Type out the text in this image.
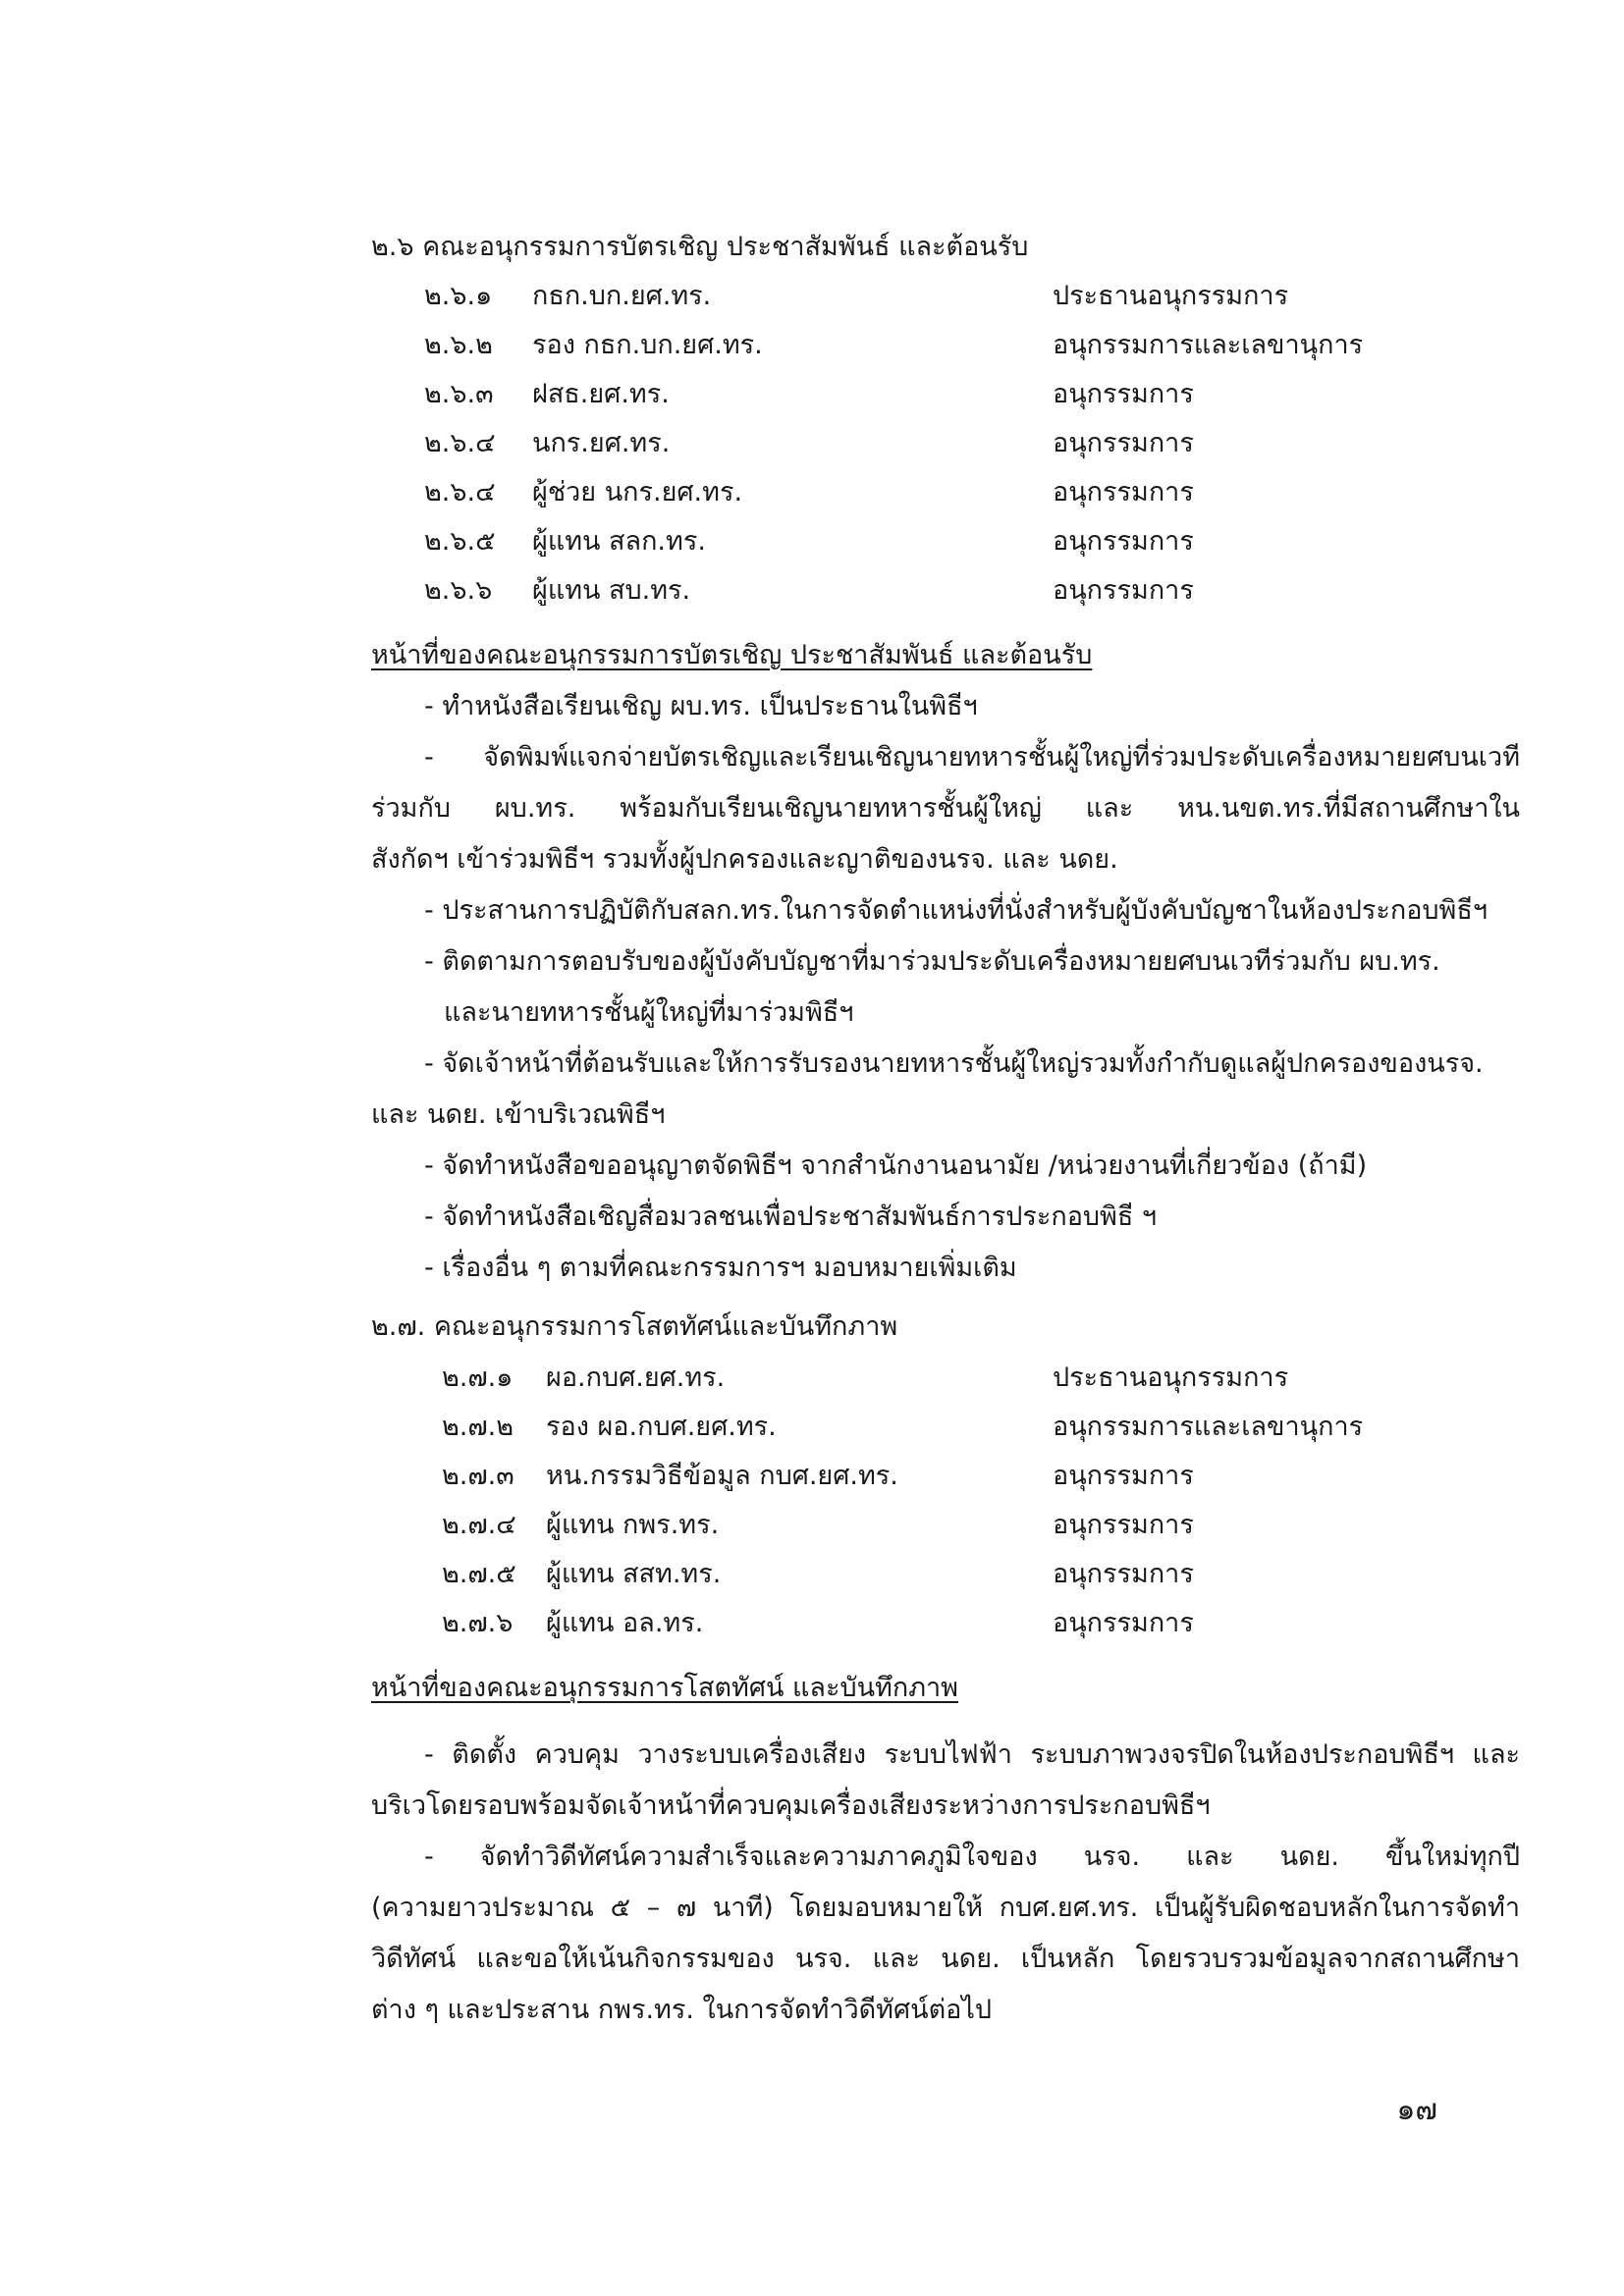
๒.๖ คณะอนุกรรมการบัตรเชิญ ประชาสัมพันธ์ และต้อนรับ
๒.๖.๑ กธก.บก.ยศ.ทร.	ประธานอนุกรรมการ
๒.๖.๒ รอง กธก.บก.ยศ.ทร.	อนุกรรมการและเลขานุการ
๒.๖.๓ ฝสธ.ยศ.ทร.	อนุกรรมการ
๒.๖.๔ นกร.ยศ.ทร.	อนุกรรมการ
๒.๖.๔ ผู้ช่วย นกร.ยศ.ทร.	อนุกรรมการ
๒.๖.๕ ผู้แทน สลก.ทร.	อนุกรรมการ
๒.๖.๖ ผู้แทน สบ.ทร.	อนุกรรมการ
หน้าที่ของคณะอนุกรรมการบัตรเชิญ ประชาสัมพันธ์ และต้อนรับ
- ทำหนังสือเรียนเชิญ ผบ.ทร. เป็นประธานในพิธีฯ
- จัดพิมพ์แจกจ่ายบัตรเชิญและเรียนเชิญนายทหารชั้นผู้ใหญ่ที่ร่วมประดับเครื่องหมายยศบนเวที
ร่วมกับ ผบ.ทร. พร้อมกับเรียนเชิญนายทหารชั้นผู้ใหญ่ และ หน.นขต.ทร.ที่มีสถานศึกษาใน
สังกัดฯ เข้าร่วมพิธีฯ รวมทั้งผู้ปกครองและญาติของนรจ. และ นดย.
- ประสานการปฏิบัติกับสลก.ทร.ในการจัดตำแหน่งที่นั่งสำหรับผู้บังคับบัญชาในห้องประกอบพิธีฯ
- ติดตามการตอบรับของผู้บังคับบัญชาที่มาร่วมประดับเครื่องหมายยศบนเวทีร่วมกับ ผบ.ทร.
และนายทหารชั้นผู้ใหญ่ที่มาร่วมพิธีฯ
- จัดเจ้าหน้าที่ต้อนรับและให้การรับรองนายทหารชั้นผู้ใหญ่รวมทั้งกำกับดูแลผู้ปกครองของนรจ.
และ นดย. เข้าบริเวณพิธีฯ
- จัดทำหนังสือขออนุญาตจัดพิธีฯ จากสำนักงานอนามัย /หน่วยงานที่เกี่ยวข้อง (ถ้ามี)
- จัดทำหนังสือเชิญสื่อมวลชนเพื่อประชาสัมพันธ์การประกอบพิธี ฯ
- เรื่องอื่น ๆ ตามที่คณะกรรมการฯ มอบหมายเพิ่มเติม
๒.๗. คณะอนุกรรมการโสตทัศน์และบันทึกภาพ
๒.๗.๑ ผอ.กบศ.ยศ.ทร.	ประธานอนุกรรมการ
๒.๗.๒ รอง ผอ.กบศ.ยศ.ทร.	อนุกรรมการและเลขานุการ
๒.๗.๓ หน.กรรมวิธีข้อมูล กบศ.ยศ.ทร.	อนุกรรมการ
๒.๗.๔ ผู้แทน กพร.ทร.	อนุกรรมการ
๒.๗.๕ ผู้แทน สสท.ทร.	อนุกรรมการ
๒.๗.๖ ผู้แทน อล.ทร.	อนุกรรมการ
หน้าที่ของคณะอนุกรรมการโสตทัศน์ และบันทึกภาพ
- ติดตั้ง ควบคุม วางระบบเครื่องเสียง ระบบไฟฟ้า ระบบภาพวงจรปิดในห้องประกอบพิธีฯ และ
บริเวโดยรอบพร้อมจัดเจ้าหน้าที่ควบคุมเครื่องเสียงระหว่างการประกอบพิธีฯ
- จัดทำวิดีทัศน์ความสำเร็จและความภาคภูมิใจของ นรจ. และ นดย. ขึ้นใหม่ทุกปี
(ความยาวประมาณ ๕ – ๗ นาที) โดยมอบหมายให้ กบศ.ยศ.ทร. เป็นผู้รับผิดชอบหลักในการจัดทำ
วิดีทัศน์ และขอให้เน้นกิจกรรมของ นรจ. และ นดย. เป็นหลัก โดยรวบรวมข้อมูลจากสถานศึกษา
ต่าง ๆ และประสาน กพร.ทร. ในการจัดทำวิดีทัศน์ต่อไป
๑๗
